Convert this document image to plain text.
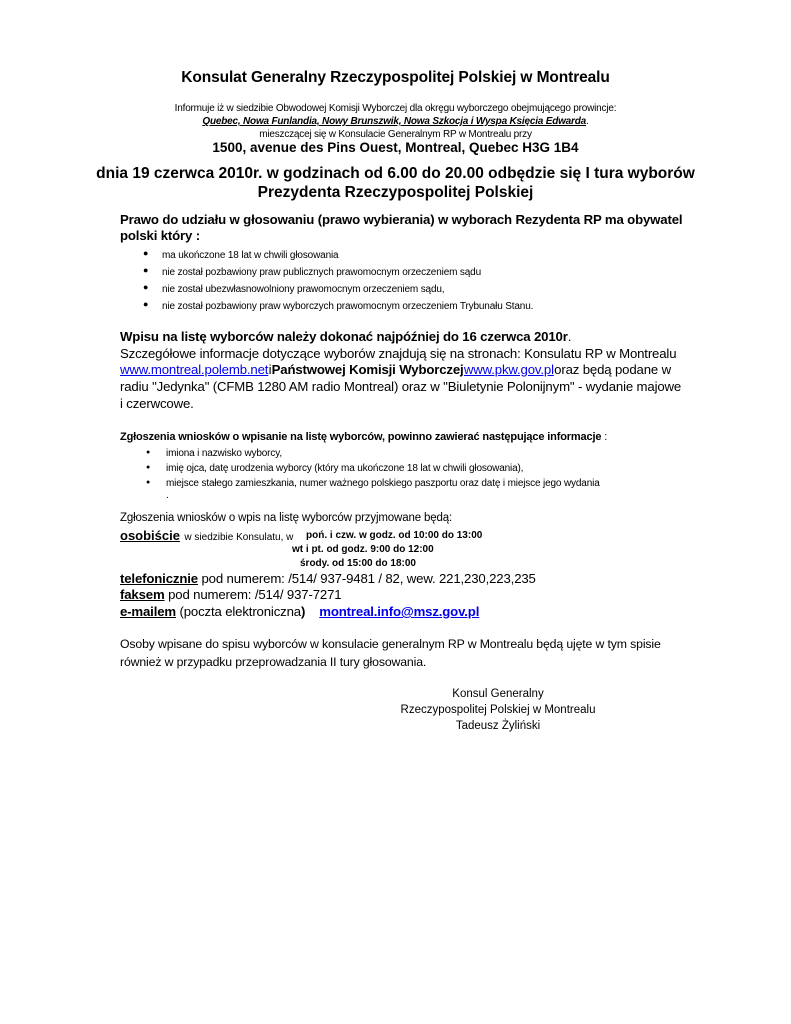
Konsulat Generalny Rzeczypospolitej Polskiej w Montrealu
Informuje iż w siedzibie Obwodowej Komisji Wyborczej dla okręgu wyborczego obejmującego prowincje:
Quebec, Nowa Funlandia, Nowy Brunszwik, Nowa Szkocja i Wyspa Księcia Edwarda.
mieszczącej się w Konsulacie Generalnym RP w Montrealu przy
1500, avenue des Pins Ouest, Montreal, Quebec H3G 1B4
dnia 19 czerwca 2010r. w godzinach od 6.00 do 20.00 odbędzie się I tura wyborów
Prezydenta Rzeczypospolitej Polskiej
Prawo do udziału w głosowaniu (prawo wybierania) w wyborach Rezydenta RP ma obywatel
polski który :
● ma ukończone 18 lat w chwili głosowania
● nie został pozbawiony praw publicznych prawomocnym orzeczeniem sądu
● nie został ubezwłasnowolniony prawomocnym orzeczeniem sądu,
● nie został pozbawiony praw wyborczych prawomocnym orzeczeniem Trybunału Stanu.
Wpisu na listę wyborców należy dokonać najpóźniej do 16 czerwca 2010r.
Szczegółowe informacje dotyczące wyborów znajdują się na stronach: Konsulatu RP w Montrealu
www.montreal.polemb.net i Państwowej Komisji Wyborczej www.pkw.gov.pl oraz będą podane w
radiu "Jedynka" (CFMB 1280 AM radio Montreal) oraz w "Biuletynie Polonijnym" - wydanie majowe
i czerwcowe.
Zgłoszenia wniosków o wpisanie na listę wyborców, powinno zawierać następujące informacje :
● imiona i nazwisko wyborcy,
● imię ojca, datę urodzenia wyborcy (który ma ukończone 18 lat w chwili głosowania),
● miejsce stałego zamieszkania, numer ważnego polskiego paszportu oraz datę i miejsce jego wydania
.
Zgłoszenia wniosków o wpis na listę wyborców przyjmowane będą:
osobiście w siedzibie Konsulatu, w poń. i czw. w godz. od 10:00 do 13:00
wt i pt. od godz. 9:00 do 12:00
środy. od 15:00 do 18:00
telefonicznie pod numerem: /514/ 937-9481 / 82, wew. 221,230,223,235
faksem pod numerem: /514/ 937-7271
e-mailem (poczta elektroniczna) montreal.info@msz.gov.pl
Osoby wpisane do spisu wyborców w konsulacie generalnym RP w Montrealu będą ujęte w tym spisie
również w przypadku przeprowadzania II tury głosowania.
Konsul Generalny
Rzeczypospolitej Polskiej w Montrealu
Tadeusz Żyliński
